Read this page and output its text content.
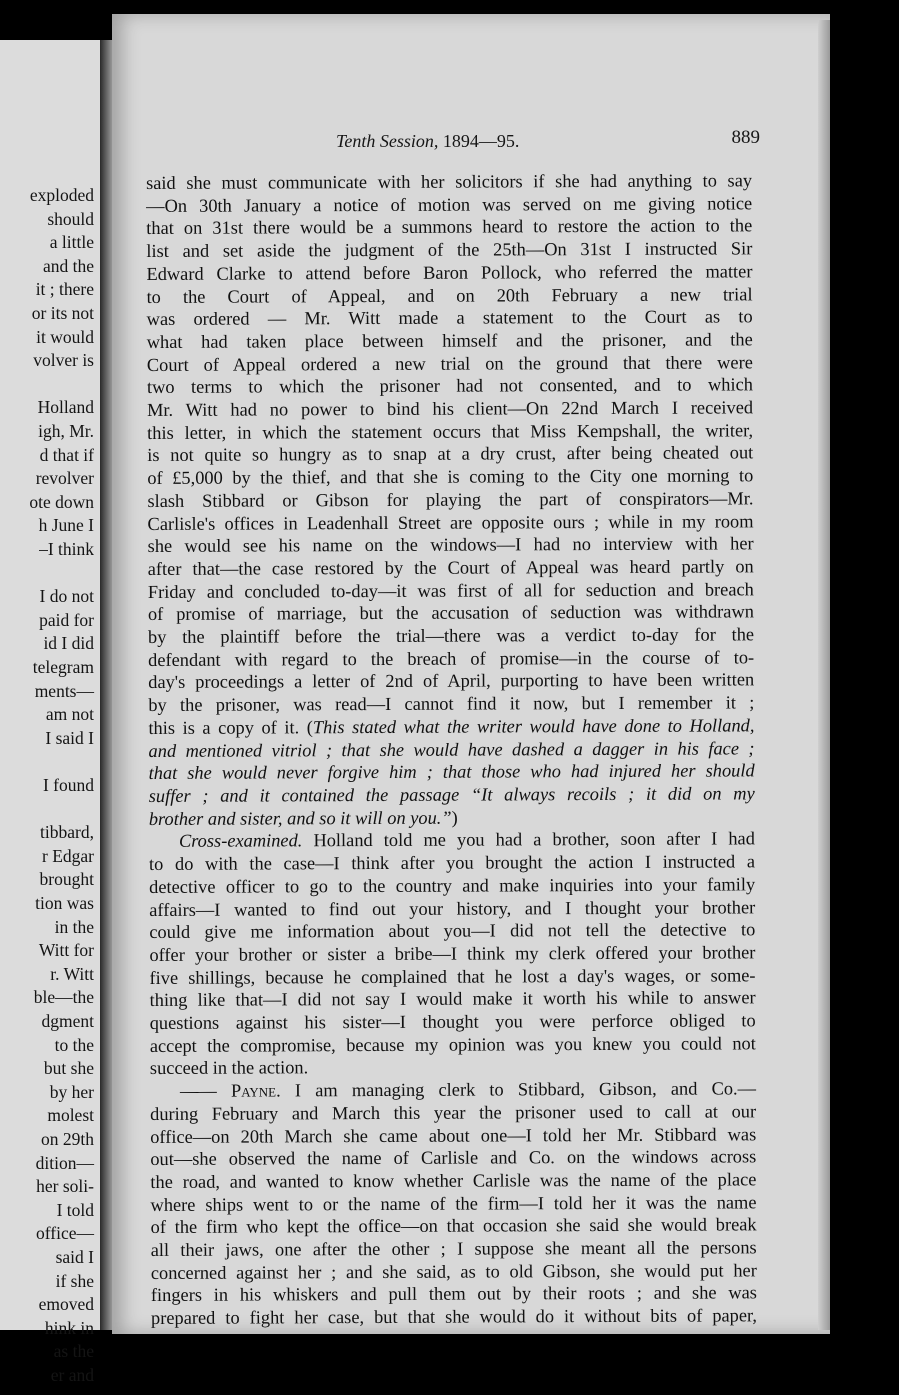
exploded
should
a little
and the
it ; there
or its not
it would
volver is
Holland
igh, Mr.
d that if
revolver
ote down
h June I
–I think
I do not
paid for
id I did
telegram
ments—
am not
I said I
I found
tibbard,
r Edgar
brought
tion was
in the
Witt for
r. Witt
ble—the
dgment
to the
but she
by her
molest
on 29th
dition—
her soli-
I told
office—
said I
if she
emoved
hink in
as the
er and
Tenth Session, 1894—95.	889
said she must communicate with her solicitors if she had anything to say
—On 30th January a notice of motion was served on me giving notice
that on 31st there would be a summons heard to restore the action to the
list and set aside the judgment of the 25th—On 31st I instructed Sir
Edward Clarke to attend before Baron Pollock, who referred the matter
to the Court of Appeal, and on 20th February a new trial
was ordered — Mr. Witt made a statement to the Court as to
what had taken place between himself and the prisoner, and the
Court of Appeal ordered a new trial on the ground that there were
two terms to which the prisoner had not consented, and to which
Mr. Witt had no power to bind his client—On 22nd March I received
this letter, in which the statement occurs that Miss Kempshall, the writer,
is not quite so hungry as to snap at a dry crust, after being cheated out
of £5,000 by the thief, and that she is coming to the City one morning to
slash Stibbard or Gibson for playing the part of conspirators—Mr.
Carlisle's offices in Leadenhall Street are opposite ours ; while in my room
she would see his name on the windows—I had no interview with her
after that—the case restored by the Court of Appeal was heard partly on
Friday and concluded to-day—it was first of all for seduction and breach
of promise of marriage, but the accusation of seduction was withdrawn
by the plaintiff before the trial—there was a verdict to-day for the
defendant with regard to the breach of promise—in the course of to-
day's proceedings a letter of 2nd of April, purporting to have been written
by the prisoner, was read—I cannot find it now, but I remember it ;
this is a copy of it. (This stated what the writer would have done to Holland,
and mentioned vitriol ; that she would have dashed a dagger in his face ;
that she would never forgive him ; that those who had injured her should
suffer ; and it contained the passage “It always recoils ; it did on my
brother and sister, and so it will on you.”)
Cross-examined. Holland told me you had a brother, soon after I had
to do with the case—I think after you brought the action I instructed a
detective officer to go to the country and make inquiries into your family
affairs—I wanted to find out your history, and I thought your brother
could give me information about you—I did not tell the detective to
offer your brother or sister a bribe—I think my clerk offered your brother
five shillings, because he complained that he lost a day's wages, or some-
thing like that—I did not say I would make it worth his while to answer
questions against his sister—I thought you were perforce obliged to
accept the compromise, because my opinion was you knew you could not
succeed in the action.
—— Payne. I am managing clerk to Stibbard, Gibson, and Co.—
during February and March this year the prisoner used to call at our
office—on 20th March she came about one—I told her Mr. Stibbard was
out—she observed the name of Carlisle and Co. on the windows across
the road, and wanted to know whether Carlisle was the name of the place
where ships went to or the name of the firm—I told her it was the name
of the firm who kept the office—on that occasion she said she would break
all their jaws, one after the other ; I suppose she meant all the persons
concerned against her ; and she said, as to old Gibson, she would put her
fingers in his whiskers and pull them out by their roots ; and she was
prepared to fight her case, but that she would do it without bits of paper,
